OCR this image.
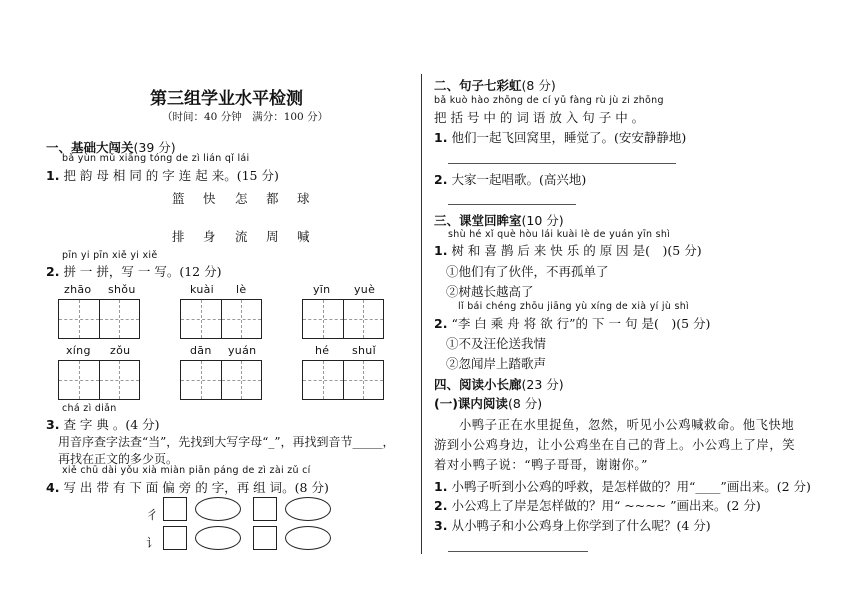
第三组学业水平检测
（时间：40 分钟　满分：100 分）
一、基础大闯关(39 分)
bǎ yùn mǔ xiāng tóng de zì lián qǐ lái
1. 把 韵 母 相 同 的 字 连 起 来。(15 分)
篮 快 怎 都 球
排 身 流 周 喊
pīn yi pīn xiě yi xiě
2. 拼 一 拼，写 一 写。(12 分)
zhāo shǒu	kuài lè	yīn yuè
xíng zǒu	dān yuán	hé shuǐ
chá zì diǎn
3. 查 字 典 。(4 分)
用音序查字法查“当”，先找到大写字母“_”，再找到音节_____，
再找在正文的多少页。
xiě chū dài yǒu xià miàn piān páng de zì zài zǔ cí
4. 写 出 带 有 下 面 偏 旁 的 字，再 组 词。(8 分)
彳
讠
二、句子七彩虹(8 分)
bǎ kuò hào zhōng de cí yǔ fàng rù jù zi zhōng
把 括 号 中 的 词 语 放 入 句 子 中 。
1. 他们一起飞回窝里，睡觉了。(安安静静地)
2. 大家一起唱歌。(高兴地)
三、课堂回眸室(10 分)
shù hé xǐ què hòu lái kuài lè de yuán yīn shì
1. 树 和 喜 鹊 后 来 快 乐 的 原 因 是(　)(5 分)
①他们有了伙伴，不再孤单了
②树越长越高了
lǐ bái chéng zhōu jiāng yù xíng de xià yí jù shì
2. “李 白 乘 舟 将 欲 行”的 下 一 句 是(　)(5 分)
①不及汪伦送我情
②忽闻岸上踏歌声
四、阅读小长廊(23 分)
(一)课内阅读(8 分)
小鸭子正在水里捉鱼，忽然，听见小公鸡喊救命。他飞快地
游到小公鸡身边，让小公鸡坐在自己的背上。小公鸡上了岸，笑
着对小鸭子说：“鸭子哥哥，谢谢你。”
1. 小鸭子听到小公鸡的呼救，是怎样做的？用“____”画出来。(2 分)
2. 小公鸡上了岸是怎样做的？用“ ~~~~ ”画出来。(2 分)
3. 从小鸭子和小公鸡身上你学到了什么呢？(4 分)
